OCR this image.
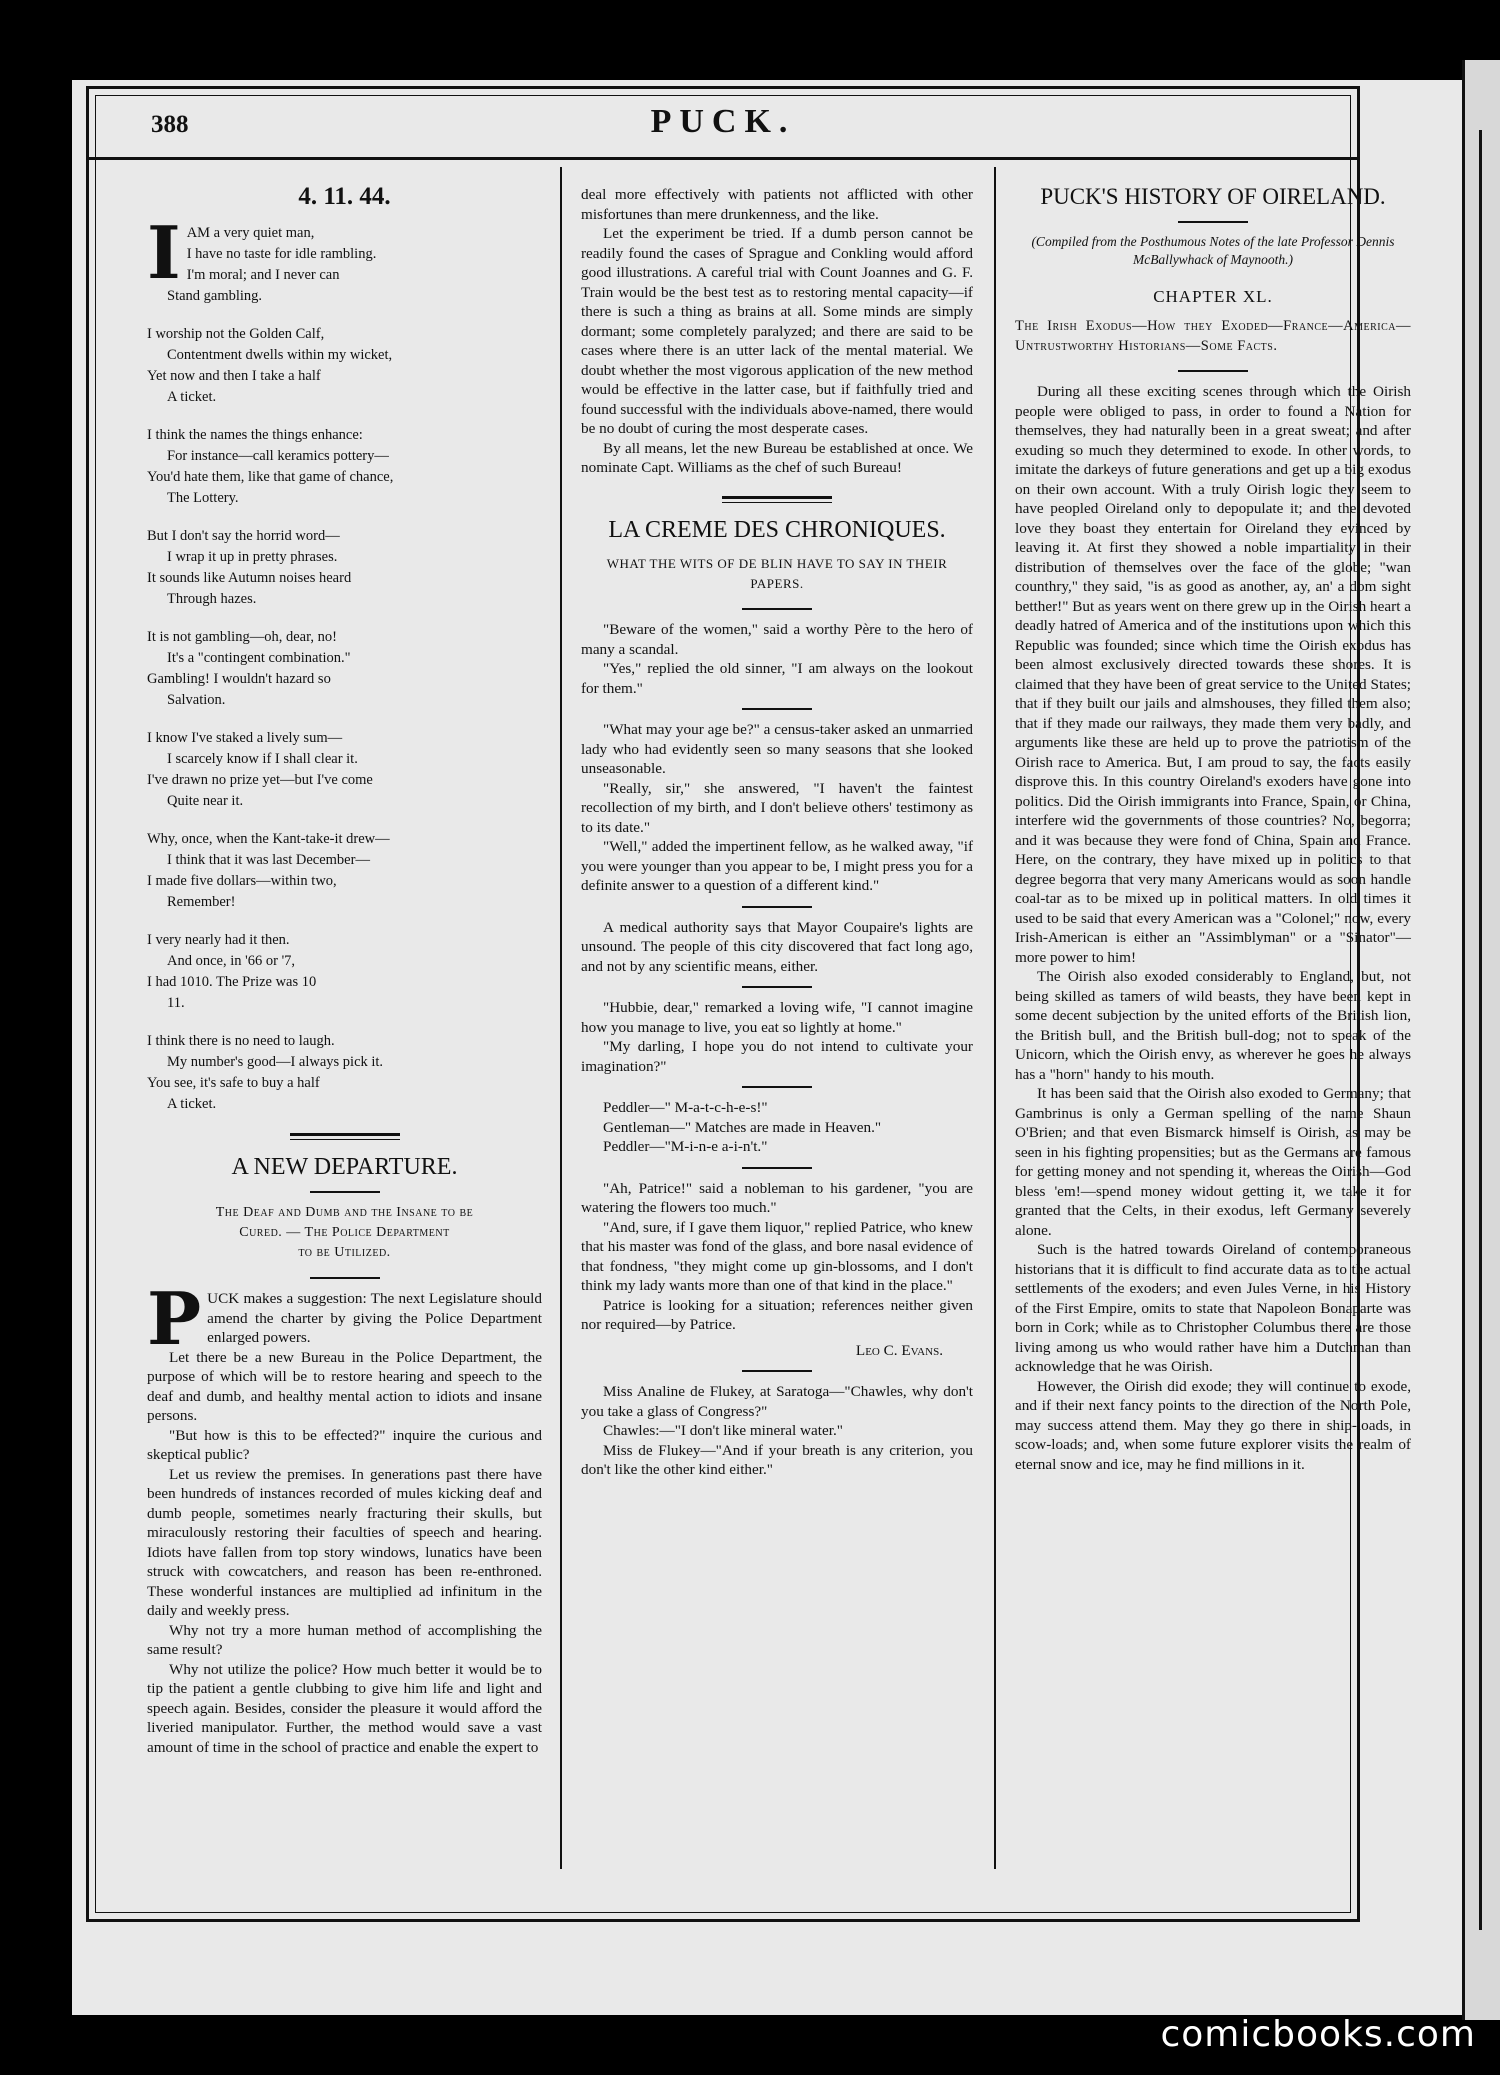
388	PUCK.
4. 11. 44.
I AM a very quiet man,
I have no taste for idle rambling.
I'm moral; and I never can
Stand gambling.
I worship not the Golden Calf,
Contentment dwells within my wicket,
Yet now and then I take a half
A ticket.
I think the names the things enhance:
For instance—call keramics pottery—
You'd hate them, like that game of chance,
The Lottery.
But I don't say the horrid word—
I wrap it up in pretty phrases.
It sounds like Autumn noises heard
Through hazes.
It is not gambling—oh, dear, no!
It's a "contingent combination."
Gambling! I wouldn't hazard so
Salvation.
I know I've staked a lively sum—
I scarcely know if I shall clear it.
I've drawn no prize yet—but I've come
Quite near it.
Why, once, when the Kant-take-it drew—
I think that it was last December—
I made five dollars—within two,
Remember!
I very nearly had it then.
And once, in '66 or '7,
I had 1010. The Prize was 10
11.
I think there is no need to laugh.
My number's good—I always pick it.
You see, it's safe to buy a half
A ticket.
A NEW DEPARTURE.
The Deaf and Dumb and the Insane to be
Cured. — The Police Department
to be Utilized.

PUCK makes a suggestion: The next Legislature should amend the charter by giving the Police Department enlarged powers.

Let there be a new Bureau in the Police Department, the purpose of which will be to restore hearing and speech to the deaf and dumb, and healthy mental action to idiots and insane persons.

"But how is this to be effected?" inquire the curious and skeptical public?

Let us review the premises. In generations past there have been hundreds of instances recorded of mules kicking deaf and dumb people, sometimes nearly fracturing their skulls, but miraculously restoring their faculties of speech and hearing. Idiots have fallen from top story windows, lunatics have been struck with cowcatchers, and reason has been re-enthroned. These wonderful instances are multiplied ad infinitum in the daily and weekly press.

Why not try a more human method of accomplishing the same result?

Why not utilize the police? How much better it would be to tip the patient a gentle clubbing to give him life and light and speech again. Besides, consider the pleasure it would afford the liveried manipulator. Further, the method would save a vast amount of time in the school of practice and enable the expert to

deal more effectively with patients not afflicted with other misfortunes than mere drunkenness, and the like.

Let the experiment be tried. If a dumb person cannot be readily found the cases of Sprague and Conkling would afford good illustrations. A careful trial with Count Joannes and G. F. Train would be the best test as to restoring mental capacity—if there is such a thing as brains at all. Some minds are simply dormant; some completely paralyzed; and there are said to be cases where there is an utter lack of the mental material. We doubt whether the most vigorous application of the new method would be effective in the latter case, but if faithfully tried and found successful with the individuals above-named, there would be no doubt of curing the most desperate cases.

By all means, let the new Bureau be established at once. We nominate Capt. Williams as the chef of such Bureau!

LA CREME DES CHRONIQUES.
WHAT THE WITS OF DE BLIN HAVE TO SAY IN THEIR PAPERS.

"Beware of the women," said a worthy Père to the hero of many a scandal.

"Yes," replied the old sinner, "I am always on the lookout for them."

"What may your age be?" a census-taker asked an unmarried lady who had evidently seen so many seasons that she looked unseasonable.

"Really, sir," she answered, "I haven't the faintest recollection of my birth, and I don't believe others' testimony as to its date."

"Well," added the impertinent fellow, as he walked away, "if you were younger than you appear to be, I might press you for a definite answer to a question of a different kind."

A medical authority says that Mayor Coupaire's lights are unsound. The people of this city discovered that fact long ago, and not by any scientific means, either.

"Hubbie, dear," remarked a loving wife, "I cannot imagine how you manage to live, you eat so lightly at home."

"My darling, I hope you do not intend to cultivate your imagination?"

Peddler—" M-a-t-c-h-e-s!"

Gentleman—" Matches are made in Heaven."

Peddler—"M-i-n-e a-i-n't."

"Ah, Patrice!" said a nobleman to his gardener, "you are watering the flowers too much."

"And, sure, if I gave them liquor," replied Patrice, who knew that his master was fond of the glass, and bore nasal evidence of that fondness, "they might come up gin-blossoms, and I don't think my lady wants more than one of that kind in the place."

Patrice is looking for a situation; references neither given nor required—by Patrice.

Leo C. Evans.

Miss Analine de Flukey, at Saratoga—"Chawles, why don't you take a glass of Congress?"

Chawles:—"I don't like mineral water."

Miss de Flukey—"And if your breath is any criterion, you don't like the other kind either."

PUCK'S HISTORY OF OIRELAND.
(Compiled from the Posthumous Notes of the late Professor Dennis McBallywhack of Maynooth.)
CHAPTER XL.
The Irish Exodus—How they Exoded—France—America—Untrustworthy Historians—Some Facts.

During all these exciting scenes through which the Oirish people were obliged to pass, in order to found a Nation for themselves, they had naturally been in a great sweat; and after exuding so much they determined to exode. In other words, to imitate the darkeys of future generations and get up a big exodus on their own account. With a truly Oirish logic they seem to have peopled Oireland only to depopulate it; and the devoted love they boast they entertain for Oireland they evinced by leaving it. At first they showed a noble impartiality in their distribution of themselves over the face of the globe; "wan counthry," they said, "is as good as another, ay, an' a dom sight betther!" But as years went on there grew up in the Oirish heart a deadly hatred of America and of the institutions upon which this Republic was founded; since which time the Oirish exodus has been almost exclusively directed towards these shores. It is claimed that they have been of great service to the United States; that if they built our jails and almshouses, they filled them also; that if they made our railways, they made them very badly, and arguments like these are held up to prove the patriotism of the Oirish race to America. But, I am proud to say, the facts easily disprove this. In this country Oireland's exoders have gone into politics. Did the Oirish immigrants into France, Spain, or China, interfere wid the governments of those countries? No, begorra; and it was because they were fond of China, Spain and France. Here, on the contrary, they have mixed up in politics to that degree begorra that very many Americans would as soon handle coal-tar as to be mixed up in political matters. In old times it used to be said that every American was a "Colonel;" now, every Irish-American is either an "Assimblyman" or a "Sinator"—more power to him!

The Oirish also exoded considerably to England, but, not being skilled as tamers of wild beasts, they have been kept in some decent subjection by the united efforts of the British lion, the British bull, and the British bull-dog; not to speak of the Unicorn, which the Oirish envy, as wherever he goes he always has a "horn" handy to his mouth.

It has been said that the Oirish also exoded to Germany; that Gambrinus is only a German spelling of the name Shaun O'Brien; and that even Bismarck himself is Oirish, as may be seen in his fighting propensities; but as the Germans are famous for getting money and not spending it, whereas the Oirish—God bless 'em!—spend money widout getting it, we take it for granted that the Celts, in their exodus, left Germany severely alone.

Such is the hatred towards Oireland of contemporaneous historians that it is difficult to find accurate data as to the actual settlements of the exoders; and even Jules Verne, in his History of the First Empire, omits to state that Napoleon Bonaparte was born in Cork; while as to Christopher Columbus there are those living among us who would rather have him a Dutchman than acknowledge that he was Oirish.

However, the Oirish did exode; they will continue to exode, and if their next fancy points to the direction of the North Pole, may success attend them. May they go there in ship-loads, in scow-loads; and, when some future explorer visits the realm of eternal snow and ice, may he find millions in it.

comicbooks.com
